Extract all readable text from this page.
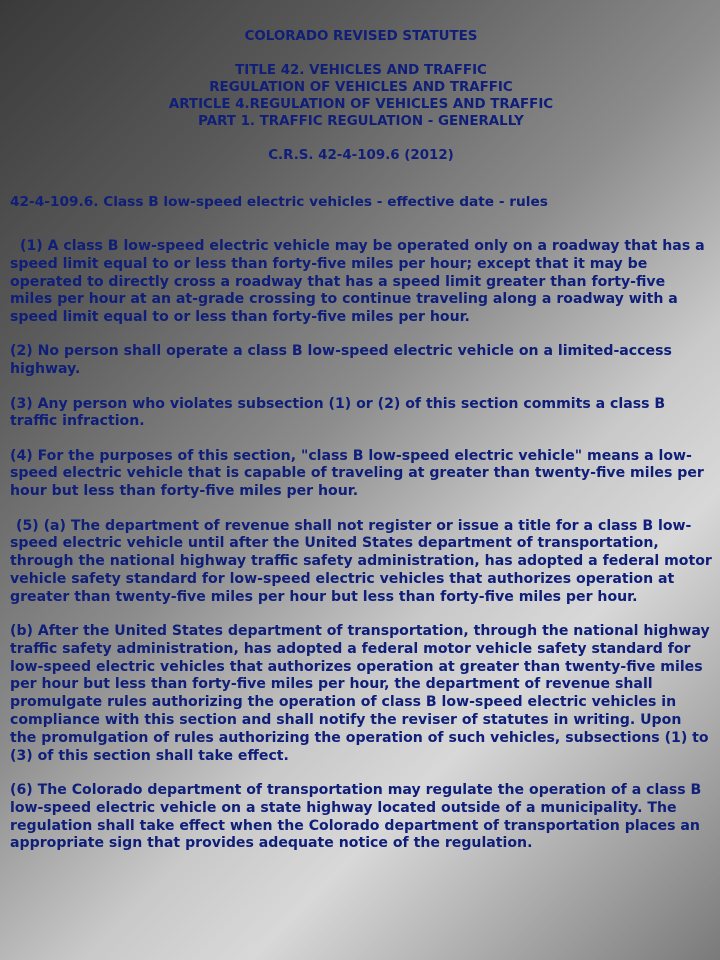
COLORADO REVISED STATUTES
TITLE 42. VEHICLES AND TRAFFIC
REGULATION OF VEHICLES AND TRAFFIC
ARTICLE 4.REGULATION OF VEHICLES AND TRAFFIC
PART 1. TRAFFIC REGULATION - GENERALLY
C.R.S. 42-4-109.6 (2012)
42-4-109.6. Class B low-speed electric vehicles - effective date - rules

(1) A class B low-speed electric vehicle may be operated only on a roadway that has a speed limit equal to or less than forty-five miles per hour; except that it may be operated to directly cross a roadway that has a speed limit greater than forty-five miles per hour at an at-grade crossing to continue traveling along a roadway with a speed limit equal to or less than forty-five miles per hour.

(2) No person shall operate a class B low-speed electric vehicle on a limited-access highway.

(3) Any person who violates subsection (1) or (2) of this section commits a class B traffic infraction.

(4) For the purposes of this section, "class B low-speed electric vehicle" means a low-speed electric vehicle that is capable of traveling at greater than twenty-five miles per hour but less than forty-five miles per hour.

(5) (a) The department of revenue shall not register or issue a title for a class B low-speed electric vehicle until after the United States department of transportation, through the national highway traffic safety administration, has adopted a federal motor vehicle safety standard for low-speed electric vehicles that authorizes operation at greater than twenty-five miles per hour but less than forty-five miles per hour.

(b) After the United States department of transportation, through the national highway traffic safety administration, has adopted a federal motor vehicle safety standard for low-speed electric vehicles that authorizes operation at greater than twenty-five miles per hour but less than forty-five miles per hour, the department of revenue shall promulgate rules authorizing the operation of class B low-speed electric vehicles in compliance with this section and shall notify the reviser of statutes in writing. Upon the promulgation of rules authorizing the operation of such vehicles, subsections (1) to (3) of this section shall take effect.

(6) The Colorado department of transportation may regulate the operation of a class B low-speed electric vehicle on a state highway located outside of a municipality. The regulation shall take effect when the Colorado department of transportation places an appropriate sign that provides adequate notice of the regulation.
